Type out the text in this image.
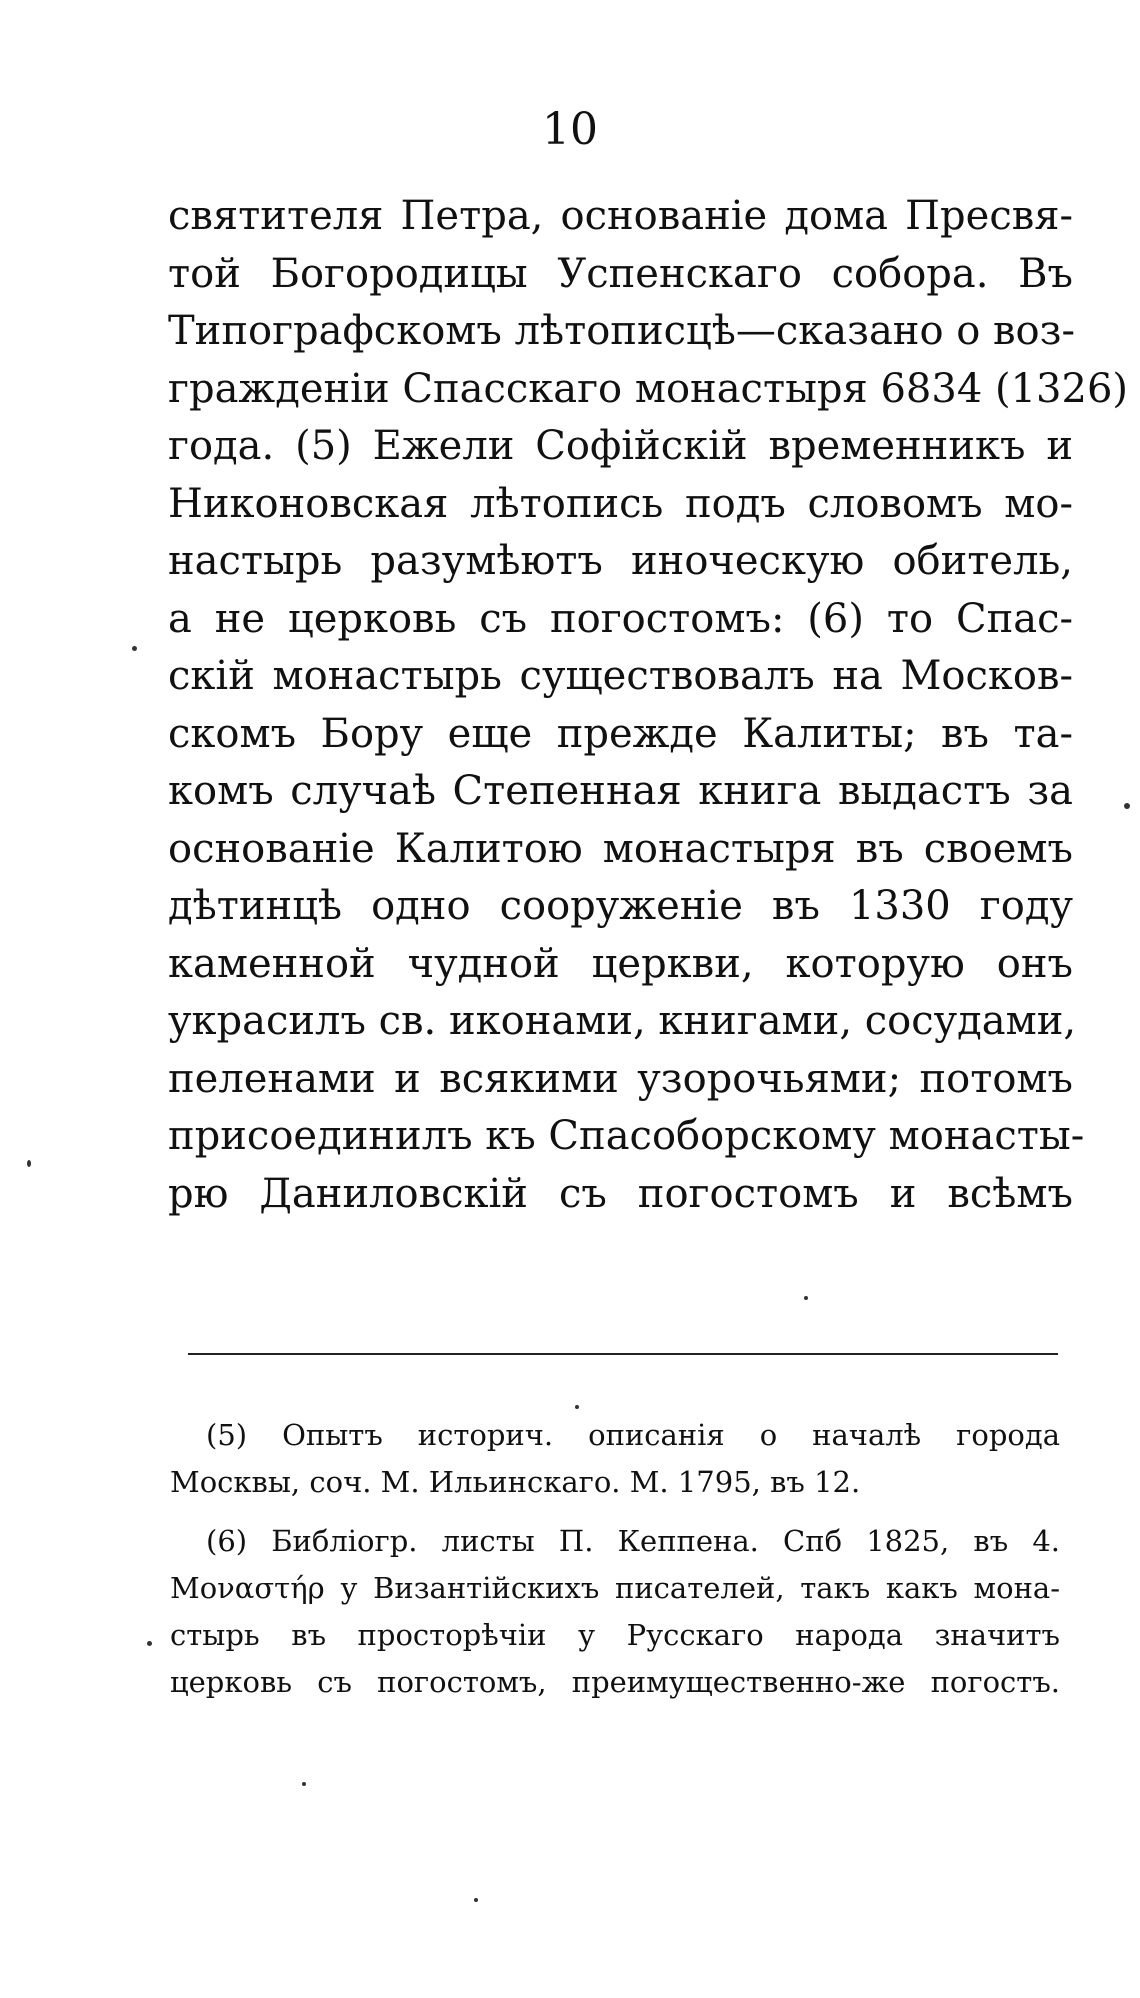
10
святителя Петра, основаніе дома Пресвя-
той Богородицы Успенскаго собора. Въ
Типографскомъ лѣтописцѣ—сказано о воз-
гражденіи Спасскаго монастыря 6834 (1326)
года. (5) Ежели Софійскій временникъ и
Никоновская лѣтопись подъ словомъ мо-
настырь разумѣютъ иноческую обитель,
а не церковь съ погостомъ: (6) то Спас-
скій монастырь существовалъ на Москов-
скомъ Бору еще прежде Калиты; въ та-
комъ случаѣ Степенная книга выдастъ за
основаніе Калитою монастыря въ своемъ
дѣтинцѣ одно сооруженіе въ 1330 году
каменной чудной церкви, которую онъ
украсилъ св. иконами, книгами, сосудами,
пеленами и всякими узорочьями; потомъ
присоединилъ къ Спасоборскому монасты-
рю Даниловскій съ погостомъ и всѣмъ
(5) Опытъ историч. описанія о началѣ города
Москвы, соч. М. Ильинскаго. М. 1795, въ 12.
(6) Библіогр. листы П. Кеппена. Спб 1825, въ 4.
Μοναστήρ у Византійскихъ писателей, такъ какъ мона-
стырь въ просторѣчіи у Русскаго народа значитъ
церковь съ погостомъ, преимущественно-же погостъ.
